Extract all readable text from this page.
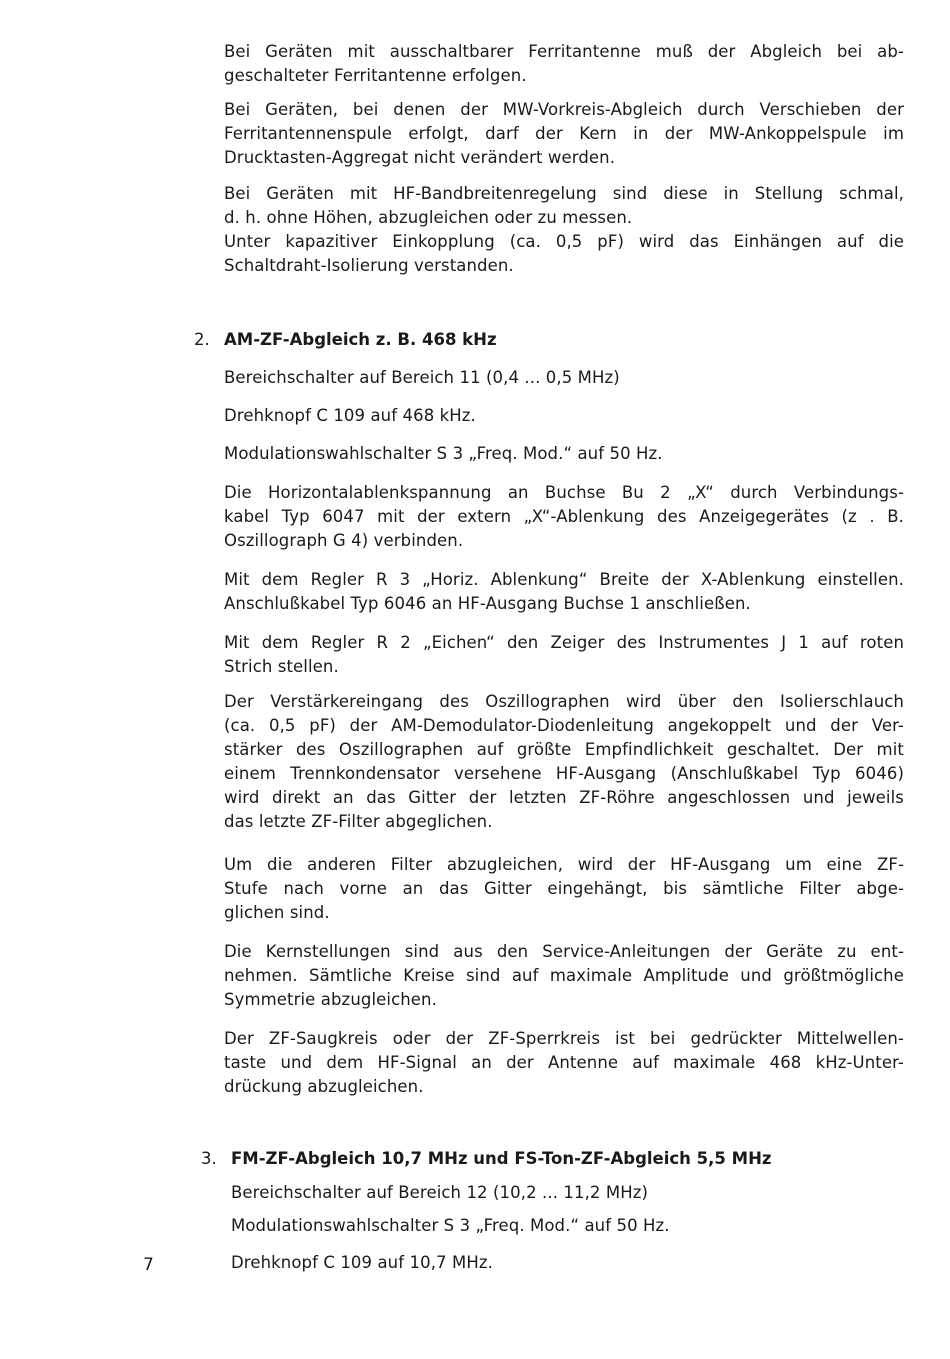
Bei Geräten mit ausschaltbarer Ferritantenne muß der Abgleich bei ab-
geschalteter Ferritantenne erfolgen.
Bei Geräten, bei denen der MW-Vorkreis-Abgleich durch Verschieben der
Ferritantennenspule erfolgt, darf der Kern in der MW-Ankoppelspule im
Drucktasten-Aggregat nicht verändert werden.
Bei Geräten mit HF-Bandbreitenregelung sind diese in Stellung schmal,
d. h. ohne Höhen, abzugleichen oder zu messen.
Unter kapazitiver Einkopplung (ca. 0,5 pF) wird das Einhängen auf die
Schaltdraht-Isolierung verstanden.
2. AM-ZF-Abgleich z. B. 468 kHz
Bereichschalter auf Bereich 11 (0,4 ... 0,5 MHz)
Drehknopf C 109 auf 468 kHz.
Modulationswahlschalter S 3 „Freq. Mod.“ auf 50 Hz.
Die Horizontalablenkspannung an Buchse Bu 2 „X“ durch Verbindungs-
kabel Typ 6047 mit der extern „X“-Ablenkung des Anzeigegerätes (z . B.
Oszillograph G 4) verbinden.
Mit dem Regler R 3 „Horiz. Ablenkung“ Breite der X-Ablenkung einstellen.
Anschlußkabel Typ 6046 an HF-Ausgang Buchse 1 anschließen.
Mit dem Regler R 2 „Eichen“ den Zeiger des Instrumentes J 1 auf roten
Strich stellen.
Der Verstärkereingang des Oszillographen wird über den Isolierschlauch
(ca. 0,5 pF) der AM-Demodulator-Diodenleitung angekoppelt und der Ver-
stärker des Oszillographen auf größte Empfindlichkeit geschaltet. Der mit
einem Trennkondensator versehene HF-Ausgang (Anschlußkabel Typ 6046)
wird direkt an das Gitter der letzten ZF-Röhre angeschlossen und jeweils
das letzte ZF-Filter abgeglichen.
Um die anderen Filter abzugleichen, wird der HF-Ausgang um eine ZF-
Stufe nach vorne an das Gitter eingehängt, bis sämtliche Filter abge-
glichen sind.
Die Kernstellungen sind aus den Service-Anleitungen der Geräte zu ent-
nehmen. Sämtliche Kreise sind auf maximale Amplitude und größtmögliche
Symmetrie abzugleichen.
Der ZF-Saugkreis oder der ZF-Sperrkreis ist bei gedrückter Mittelwellen-
taste und dem HF-Signal an der Antenne auf maximale 468 kHz-Unter-
drückung abzugleichen.
3. FM-ZF-Abgleich 10,7 MHz und FS-Ton-ZF-Abgleich 5,5 MHz
Bereichschalter auf Bereich 12 (10,2 ... 11,2 MHz)
Modulationswahlschalter S 3 „Freq. Mod.“ auf 50 Hz.
Drehknopf C 109 auf 10,7 MHz.
7
